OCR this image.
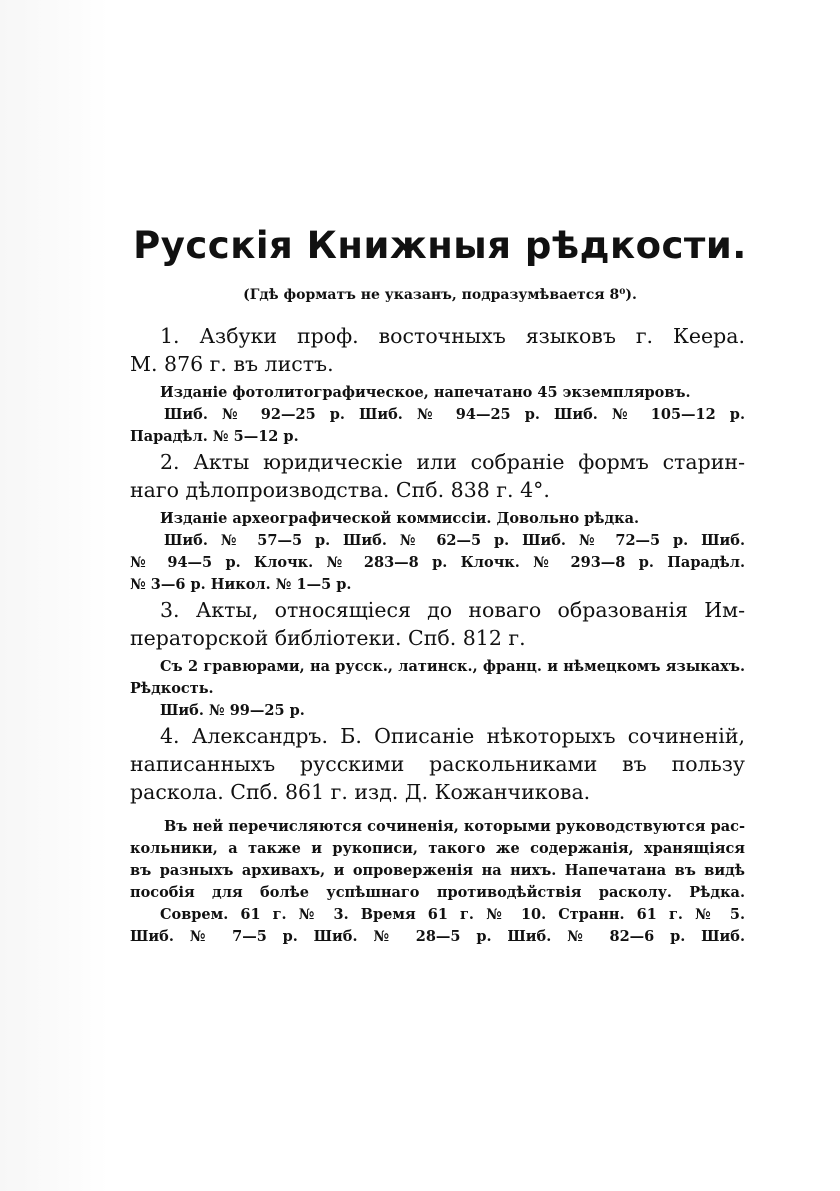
Русскія Книжныя рѣдкости.
(Гдѣ форматъ не указанъ, подразумѣвается 8⁰).
1. Азбуки проф. восточныхъ языковъ г. Кеера.
М. 876 г. въ листъ.
Изданіе фотолитографическое, напечатано 45 экземпляровъ.
Шиб. № 92—25 р. Шиб. № 94—25 р. Шиб. № 105—12 р.
Парадѣл. № 5—12 р.
2. Акты юридическіе или собраніе формъ старин-
наго дѣлопроизводства. Спб. 838 г. 4°.
Изданіе археографической коммиссіи. Довольно рѣдка.
Шиб. № 57—5 р. Шиб. № 62—5 р. Шиб. № 72—5 р. Шиб.
№ 94—5 р. Клочк. № 283—8 р. Клочк. № 293—8 р. Парадѣл.
№ 3—6 р. Никол. № 1—5 р.
3. Акты, относящіеся до новаго образованія Им-
ператорской библіотеки. Спб. 812 г.
Съ 2 гравюрами, на русск., латинск., франц. и нѣмецкомъ языкахъ.
Рѣдкость.
Шиб. № 99—25 р.
4. Александръ. Б. Описаніе нѣкоторыхъ сочиненій,
написанныхъ русскими раскольниками въ пользу
раскола. Спб. 861 г. изд. Д. Кожанчикова.
Въ ней перечисляются сочиненія, которыми руководствуются рас-
кольники, а также и рукописи, такого же содержанія, хранящіяся
въ разныхъ архивахъ, и опроверженія на нихъ. Напечатана въ видѣ
пособія для болѣе успѣшнаго противодѣйствія расколу. Рѣдка.
Соврем. 61 г. № 3. Время 61 г. № 10. Странн. 61 г. № 5.
Шиб. № 7—5 р. Шиб. № 28—5 р. Шиб. № 82—6 р. Шиб.
